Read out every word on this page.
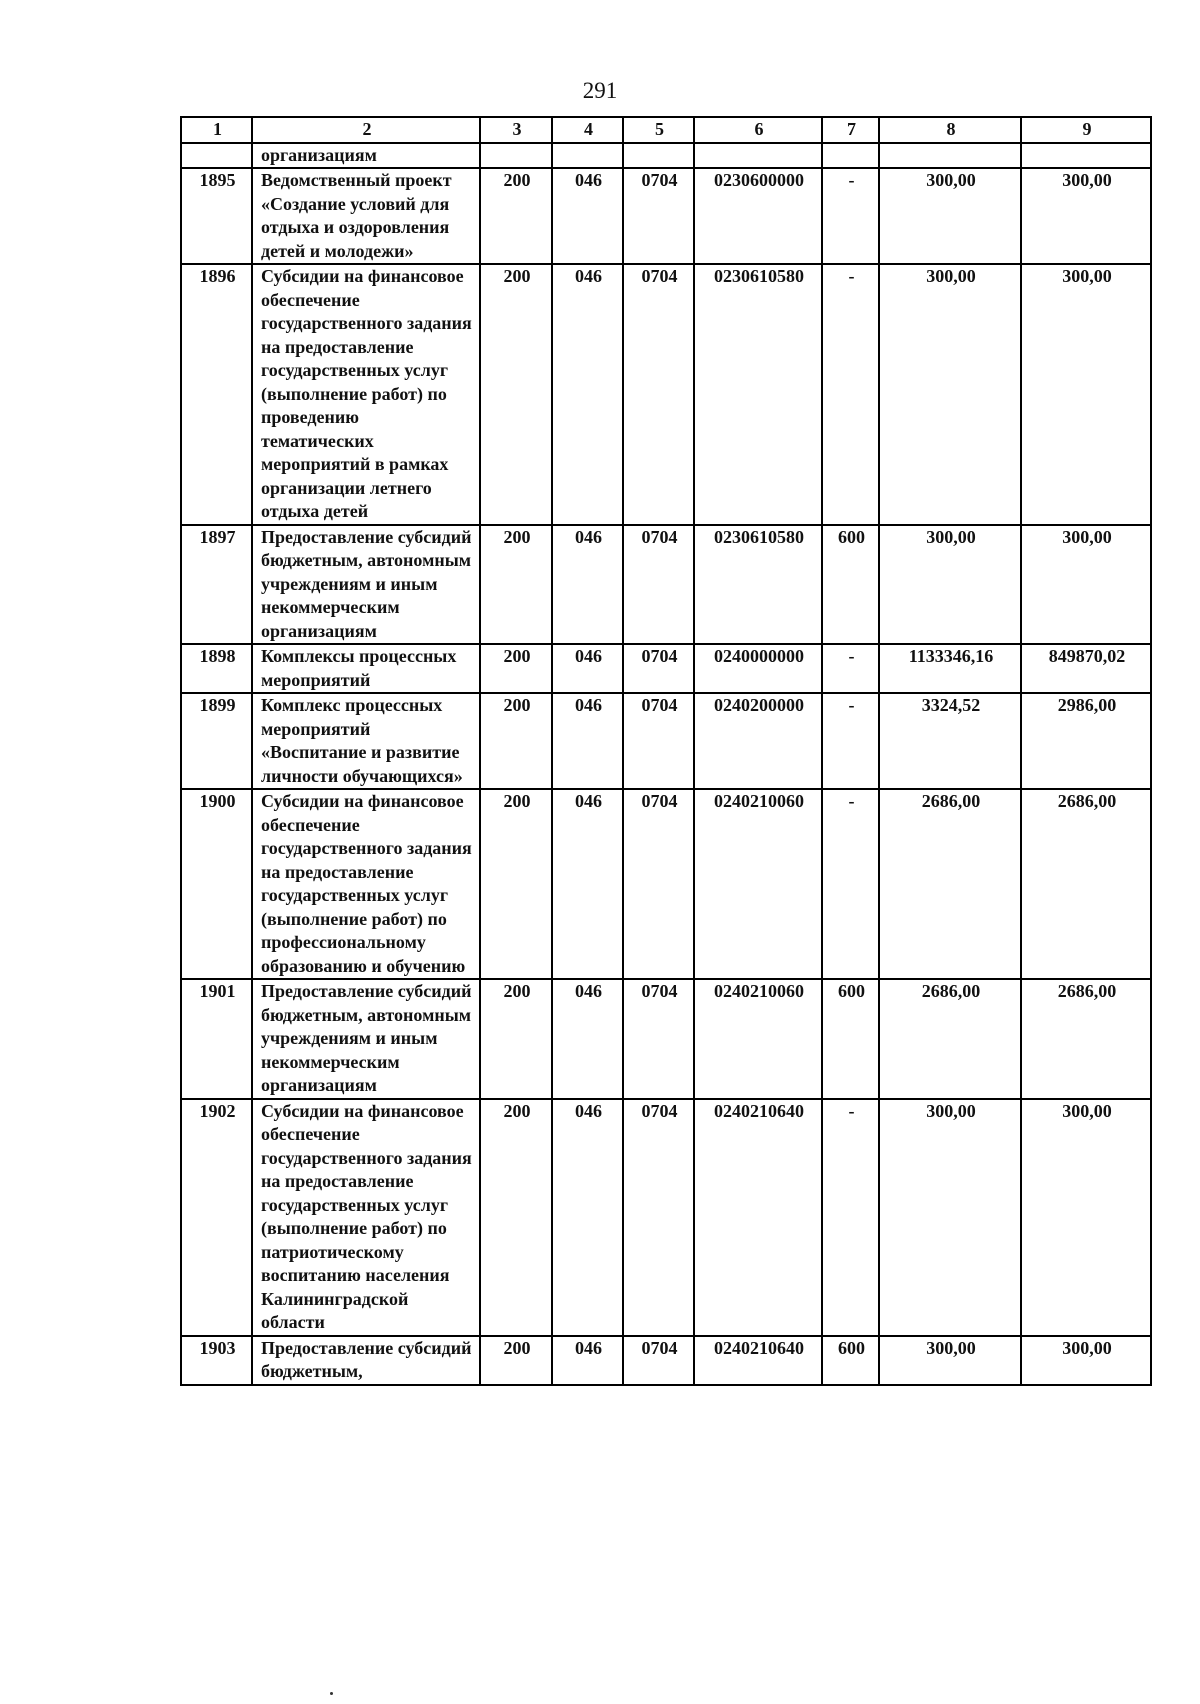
291
1	2	3	4	5	6	7	8	9
	организациям							
1895	Ведомственный проект «Создание условий для отдыха и оздоровления детей и молодежи»	200	046	0704	0230600000	-	300,00	300,00
1896	Субсидии на финансовое обеспечение государственного задания на предоставление государственных услуг (выполнение работ) по проведению тематических мероприятий в рамках организации летнего отдыха детей	200	046	0704	0230610580	-	300,00	300,00
1897	Предоставление субсидий бюджетным, автономным учреждениям и иным некоммерческим организациям	200	046	0704	0230610580	600	300,00	300,00
1898	Комплексы процессных мероприятий	200	046	0704	0240000000	-	1133346,16	849870,02
1899	Комплекс процессных мероприятий «Воспитание и развитие личности обучающихся»	200	046	0704	0240200000	-	3324,52	2986,00
1900	Субсидии на финансовое обеспечение государственного задания на предоставление государственных услуг (выполнение работ) по профессиональному образованию и обучению	200	046	0704	0240210060	-	2686,00	2686,00
1901	Предоставление субсидий бюджетным, автономным учреждениям и иным некоммерческим организациям	200	046	0704	0240210060	600	2686,00	2686,00
1902	Субсидии на финансовое обеспечение государственного задания на предоставление государственных услуг (выполнение работ) по патриотическому воспитанию населения Калининградской области	200	046	0704	0240210640	-	300,00	300,00
1903	Предоставление субсидий бюджетным,	200	046	0704	0240210640	600	300,00	300,00
